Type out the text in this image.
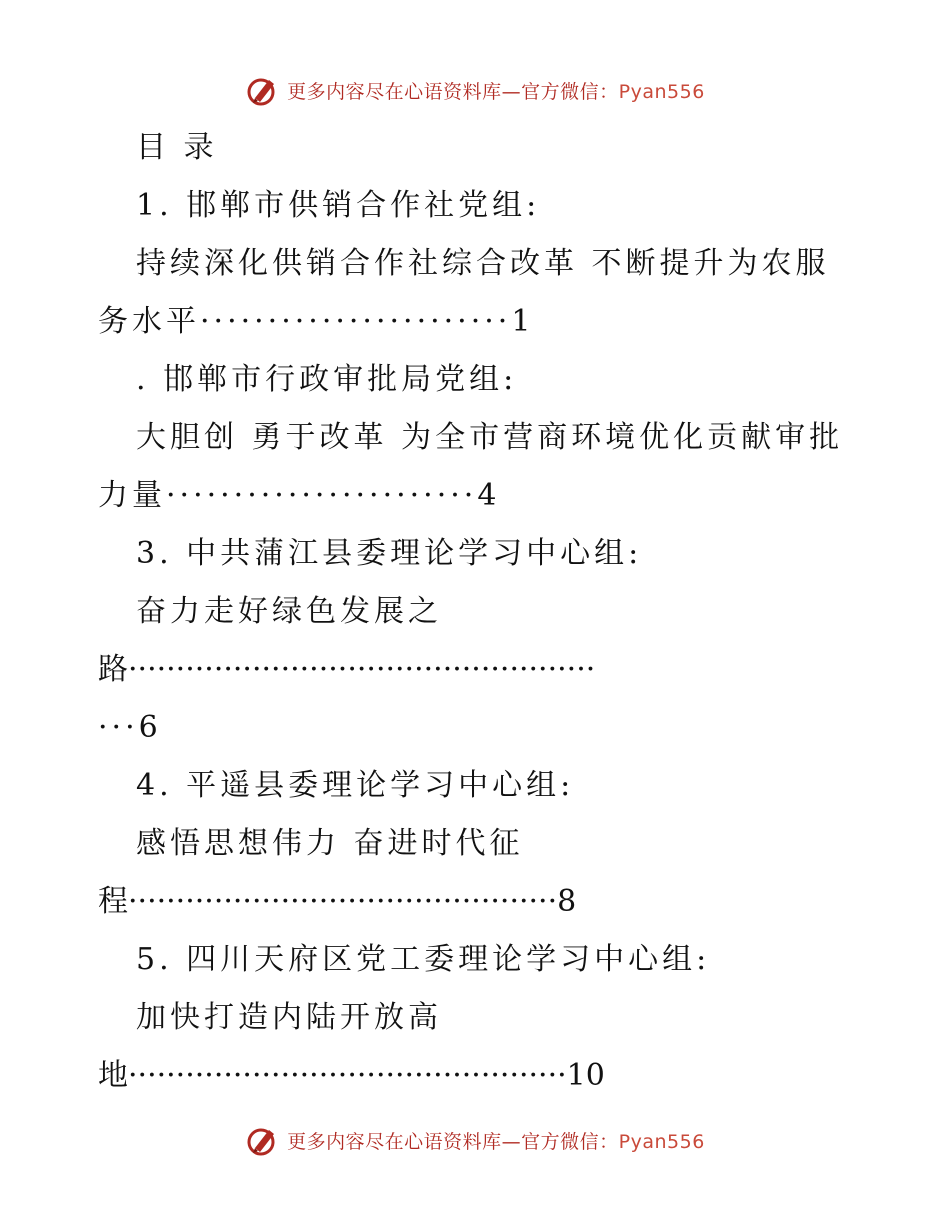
更多内容尽在心语资料库—官方微信：Pyan556
目 录
1. 邯郸市供销合作社党组:
持续深化供销合作社综合改革 不断提升为农服
务水平·······················1
. 邯郸市行政审批局党组:
大胆创 勇于改革 为全市营商环境优化贡献审批
力量·······················4
3. 中共蒲江县委理论学习中心组:
奋力走好绿色发展之
路·················································
···6
4. 平遥县委理论学习中心组:
感悟思想伟力 奋进时代征
程·············································8
5. 四川天府区党工委理论学习中心组:
加快打造内陆开放高
地··············································10
更多内容尽在心语资料库—官方微信：Pyan556
